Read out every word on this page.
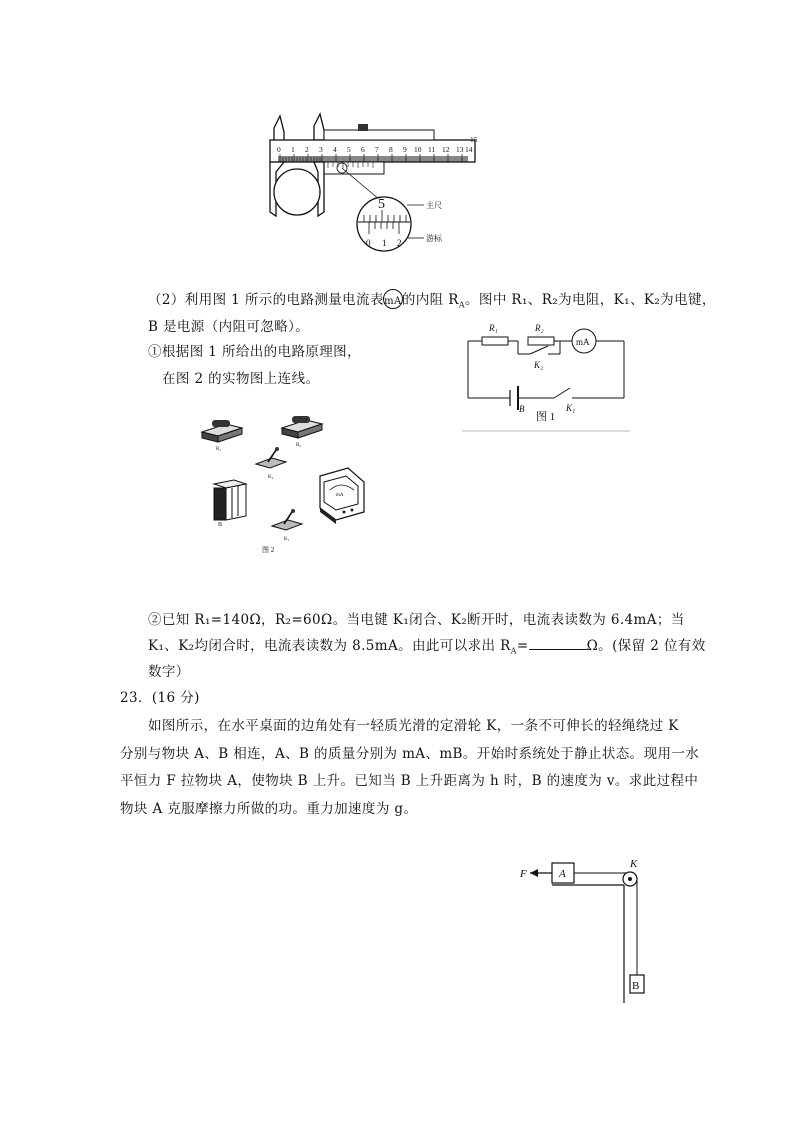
0 1 2 3 4 5 6 7 8 9 10 11 12 13 14
15
5
0 1 2
主尺
游标
（2）利用图 1 所示的电路测量电流表
mA的内阻 $R_A$。图中 R₁、R₂为电阻，K₁、K₂为电键，
B 是电源（内阻可忽略）。
①根据图 1 所给出的电路原理图，
在图 2 的实物图上连线。
mA
R₁	R₂
K₂
K₁
B
图 1
R₁
R₂
K₂
B
mA
K₁
图 2
②已知 R₁=140Ω，R₂=60Ω。当电键 K₁闭合、K₂断开时，电流表读数为 6.4mA；当
K₁、K₂均闭合时，电流表读数为 8.5mA。由此可以求出 $R_A=$	Ω。(保留 2 位有效
数字）
23．(16 分)
如图所示，在水平桌面的边角处有一轻质光滑的定滑轮 K，一条不可伸长的轻绳绕过 K
分别与物块 A、B 相连，A、B 的质量分别为 mA、mB。开始时系统处于静止状态。现用一水
平恒力 F 拉物块 A，使物块 B 上升。已知当 B 上升距离为 h 时，B 的速度为 v。求此过程中
物块 A 克服摩擦力所做的功。重力加速度为 g。
F	A
K
B
